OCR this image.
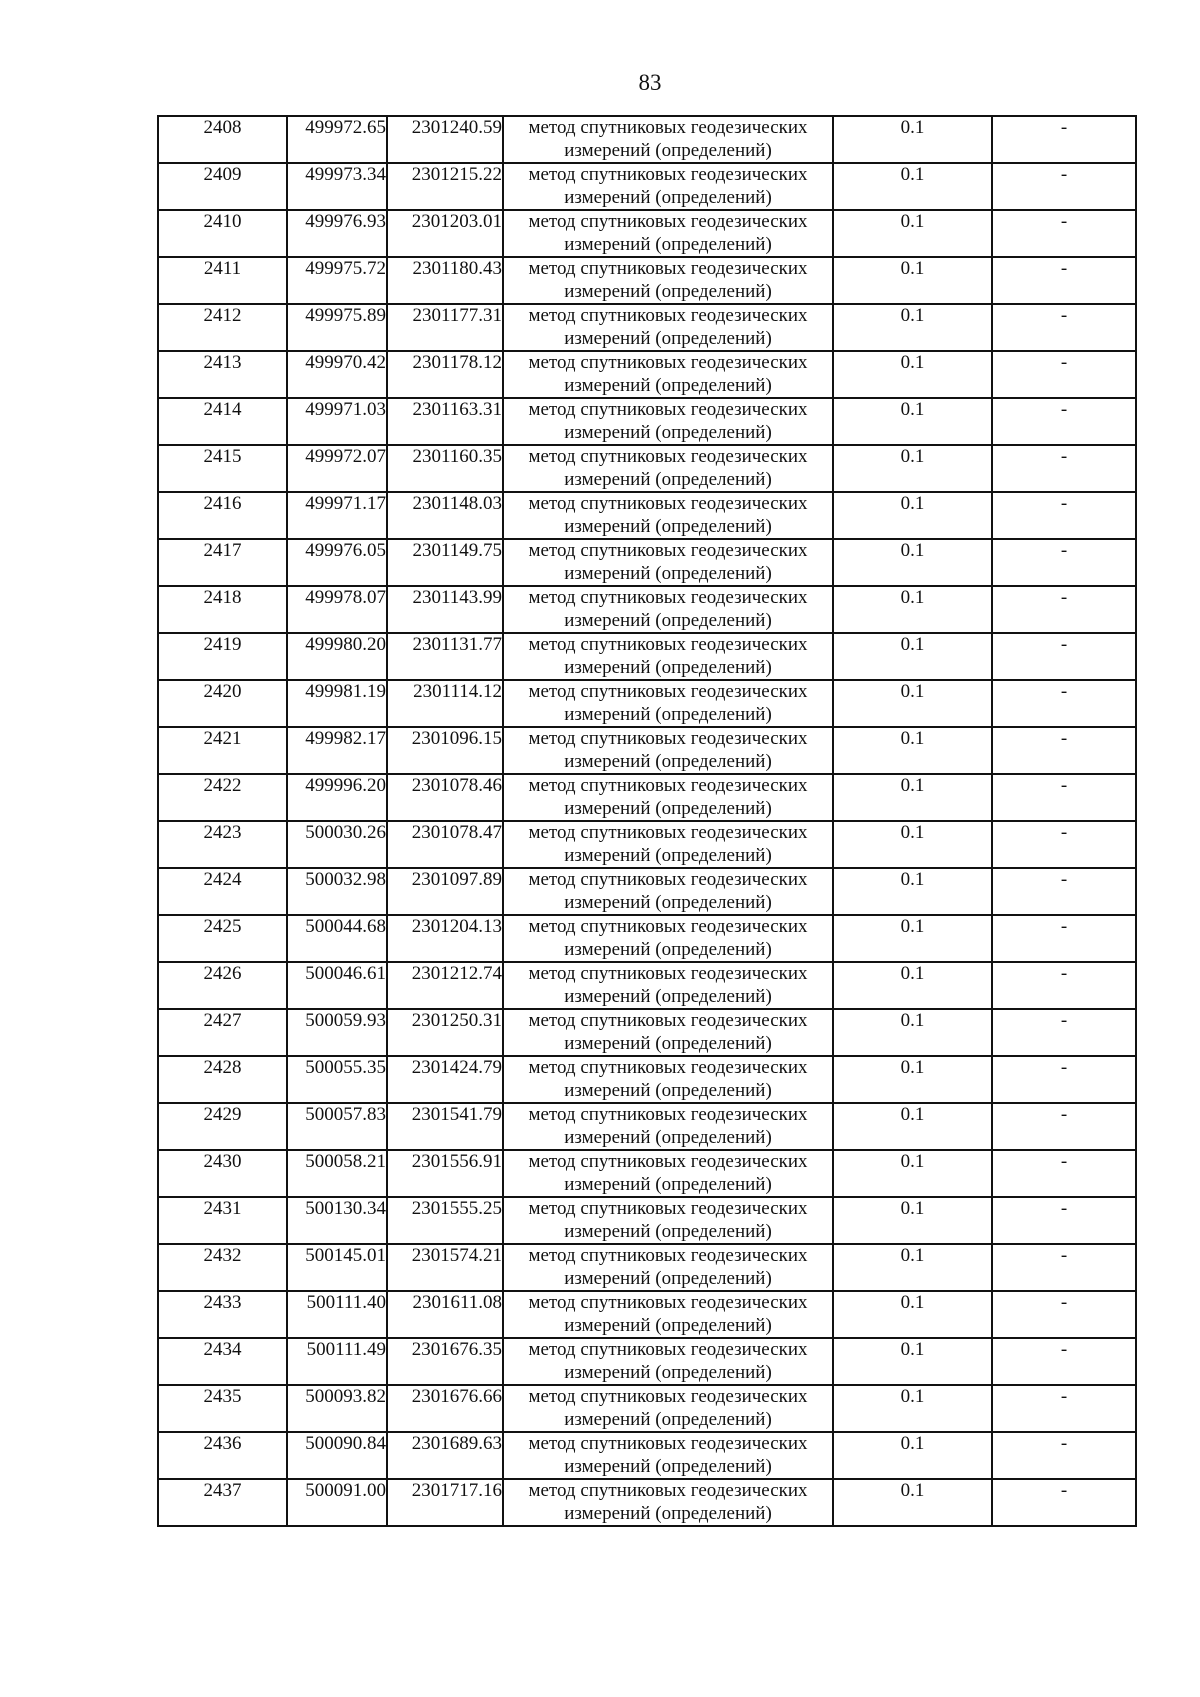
83
2408	499972.65	2301240.59	метод спутниковых геодезических
измерений (определений)	0.1	-
2409	499973.34	2301215.22	метод спутниковых геодезических
измерений (определений)	0.1	-
2410	499976.93	2301203.01	метод спутниковых геодезических
измерений (определений)	0.1	-
2411	499975.72	2301180.43	метод спутниковых геодезических
измерений (определений)	0.1	-
2412	499975.89	2301177.31	метод спутниковых геодезических
измерений (определений)	0.1	-
2413	499970.42	2301178.12	метод спутниковых геодезических
измерений (определений)	0.1	-
2414	499971.03	2301163.31	метод спутниковых геодезических
измерений (определений)	0.1	-
2415	499972.07	2301160.35	метод спутниковых геодезических
измерений (определений)	0.1	-
2416	499971.17	2301148.03	метод спутниковых геодезических
измерений (определений)	0.1	-
2417	499976.05	2301149.75	метод спутниковых геодезических
измерений (определений)	0.1	-
2418	499978.07	2301143.99	метод спутниковых геодезических
измерений (определений)	0.1	-
2419	499980.20	2301131.77	метод спутниковых геодезических
измерений (определений)	0.1	-
2420	499981.19	2301114.12	метод спутниковых геодезических
измерений (определений)	0.1	-
2421	499982.17	2301096.15	метод спутниковых геодезических
измерений (определений)	0.1	-
2422	499996.20	2301078.46	метод спутниковых геодезических
измерений (определений)	0.1	-
2423	500030.26	2301078.47	метод спутниковых геодезических
измерений (определений)	0.1	-
2424	500032.98	2301097.89	метод спутниковых геодезических
измерений (определений)	0.1	-
2425	500044.68	2301204.13	метод спутниковых геодезических
измерений (определений)	0.1	-
2426	500046.61	2301212.74	метод спутниковых геодезических
измерений (определений)	0.1	-
2427	500059.93	2301250.31	метод спутниковых геодезических
измерений (определений)	0.1	-
2428	500055.35	2301424.79	метод спутниковых геодезических
измерений (определений)	0.1	-
2429	500057.83	2301541.79	метод спутниковых геодезических
измерений (определений)	0.1	-
2430	500058.21	2301556.91	метод спутниковых геодезических
измерений (определений)	0.1	-
2431	500130.34	2301555.25	метод спутниковых геодезических
измерений (определений)	0.1	-
2432	500145.01	2301574.21	метод спутниковых геодезических
измерений (определений)	0.1	-
2433	500111.40	2301611.08	метод спутниковых геодезических
измерений (определений)	0.1	-
2434	500111.49	2301676.35	метод спутниковых геодезических
измерений (определений)	0.1	-
2435	500093.82	2301676.66	метод спутниковых геодезических
измерений (определений)	0.1	-
2436	500090.84	2301689.63	метод спутниковых геодезических
измерений (определений)	0.1	-
2437	500091.00	2301717.16	метод спутниковых геодезических
измерений (определений)	0.1	-
